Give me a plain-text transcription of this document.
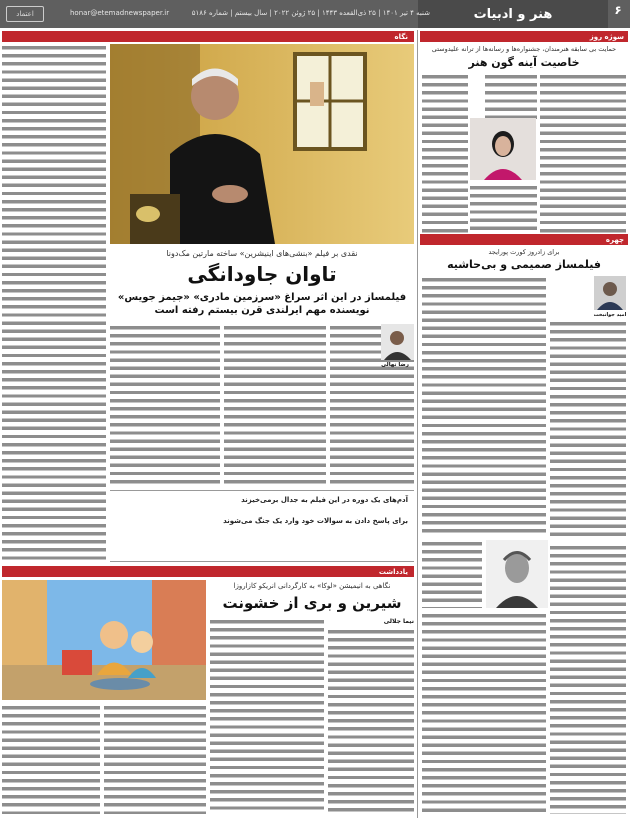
۶
هنر و ادبیات
شنبه ۴ تیر ۱۴۰۱ | ۲۵ ذی‌القعده ۱۴۴۳ | ۲۵ ژوئن ۲۰۲۲ | سال بیستم | شماره ۵۱۸۶
honar@etemadnewspaper.ir
اعتماد
نگاه	سوژه روز
چهره
یادداشت
حمایت بی سابقه هنرمندان، جشنواره‌ها و رسانه‌ها از ترانه علیدوستی
خاصیت آینه گون هنر
برای زادروز کورت پورایجد
فیلمساز صمیمی و بی‌حاشیه
امید جوانبخت
نقدی بر فیلم «بنشی‌های اینیشرین» ساخته مارتین مک‌دونا
تاوان جاودانگی
فیلمساز در این اثر سراغ «سرزمین مادری» «جیمز جویس»
نویسنده مهم ایرلندی قرن بیستم رفته است
رضا نهالی
آدم‌های یک دوره در این فیلم به جدال برمی‌خیزند
برای پاسخ دادن به سوالات خود وارد یک جنگ می‌شوند
نگاهی به انیمیشن «لوکا» به کارگردانی انریکو کازاروزا
شیرین و بری از خشونت
نیما جلالی
